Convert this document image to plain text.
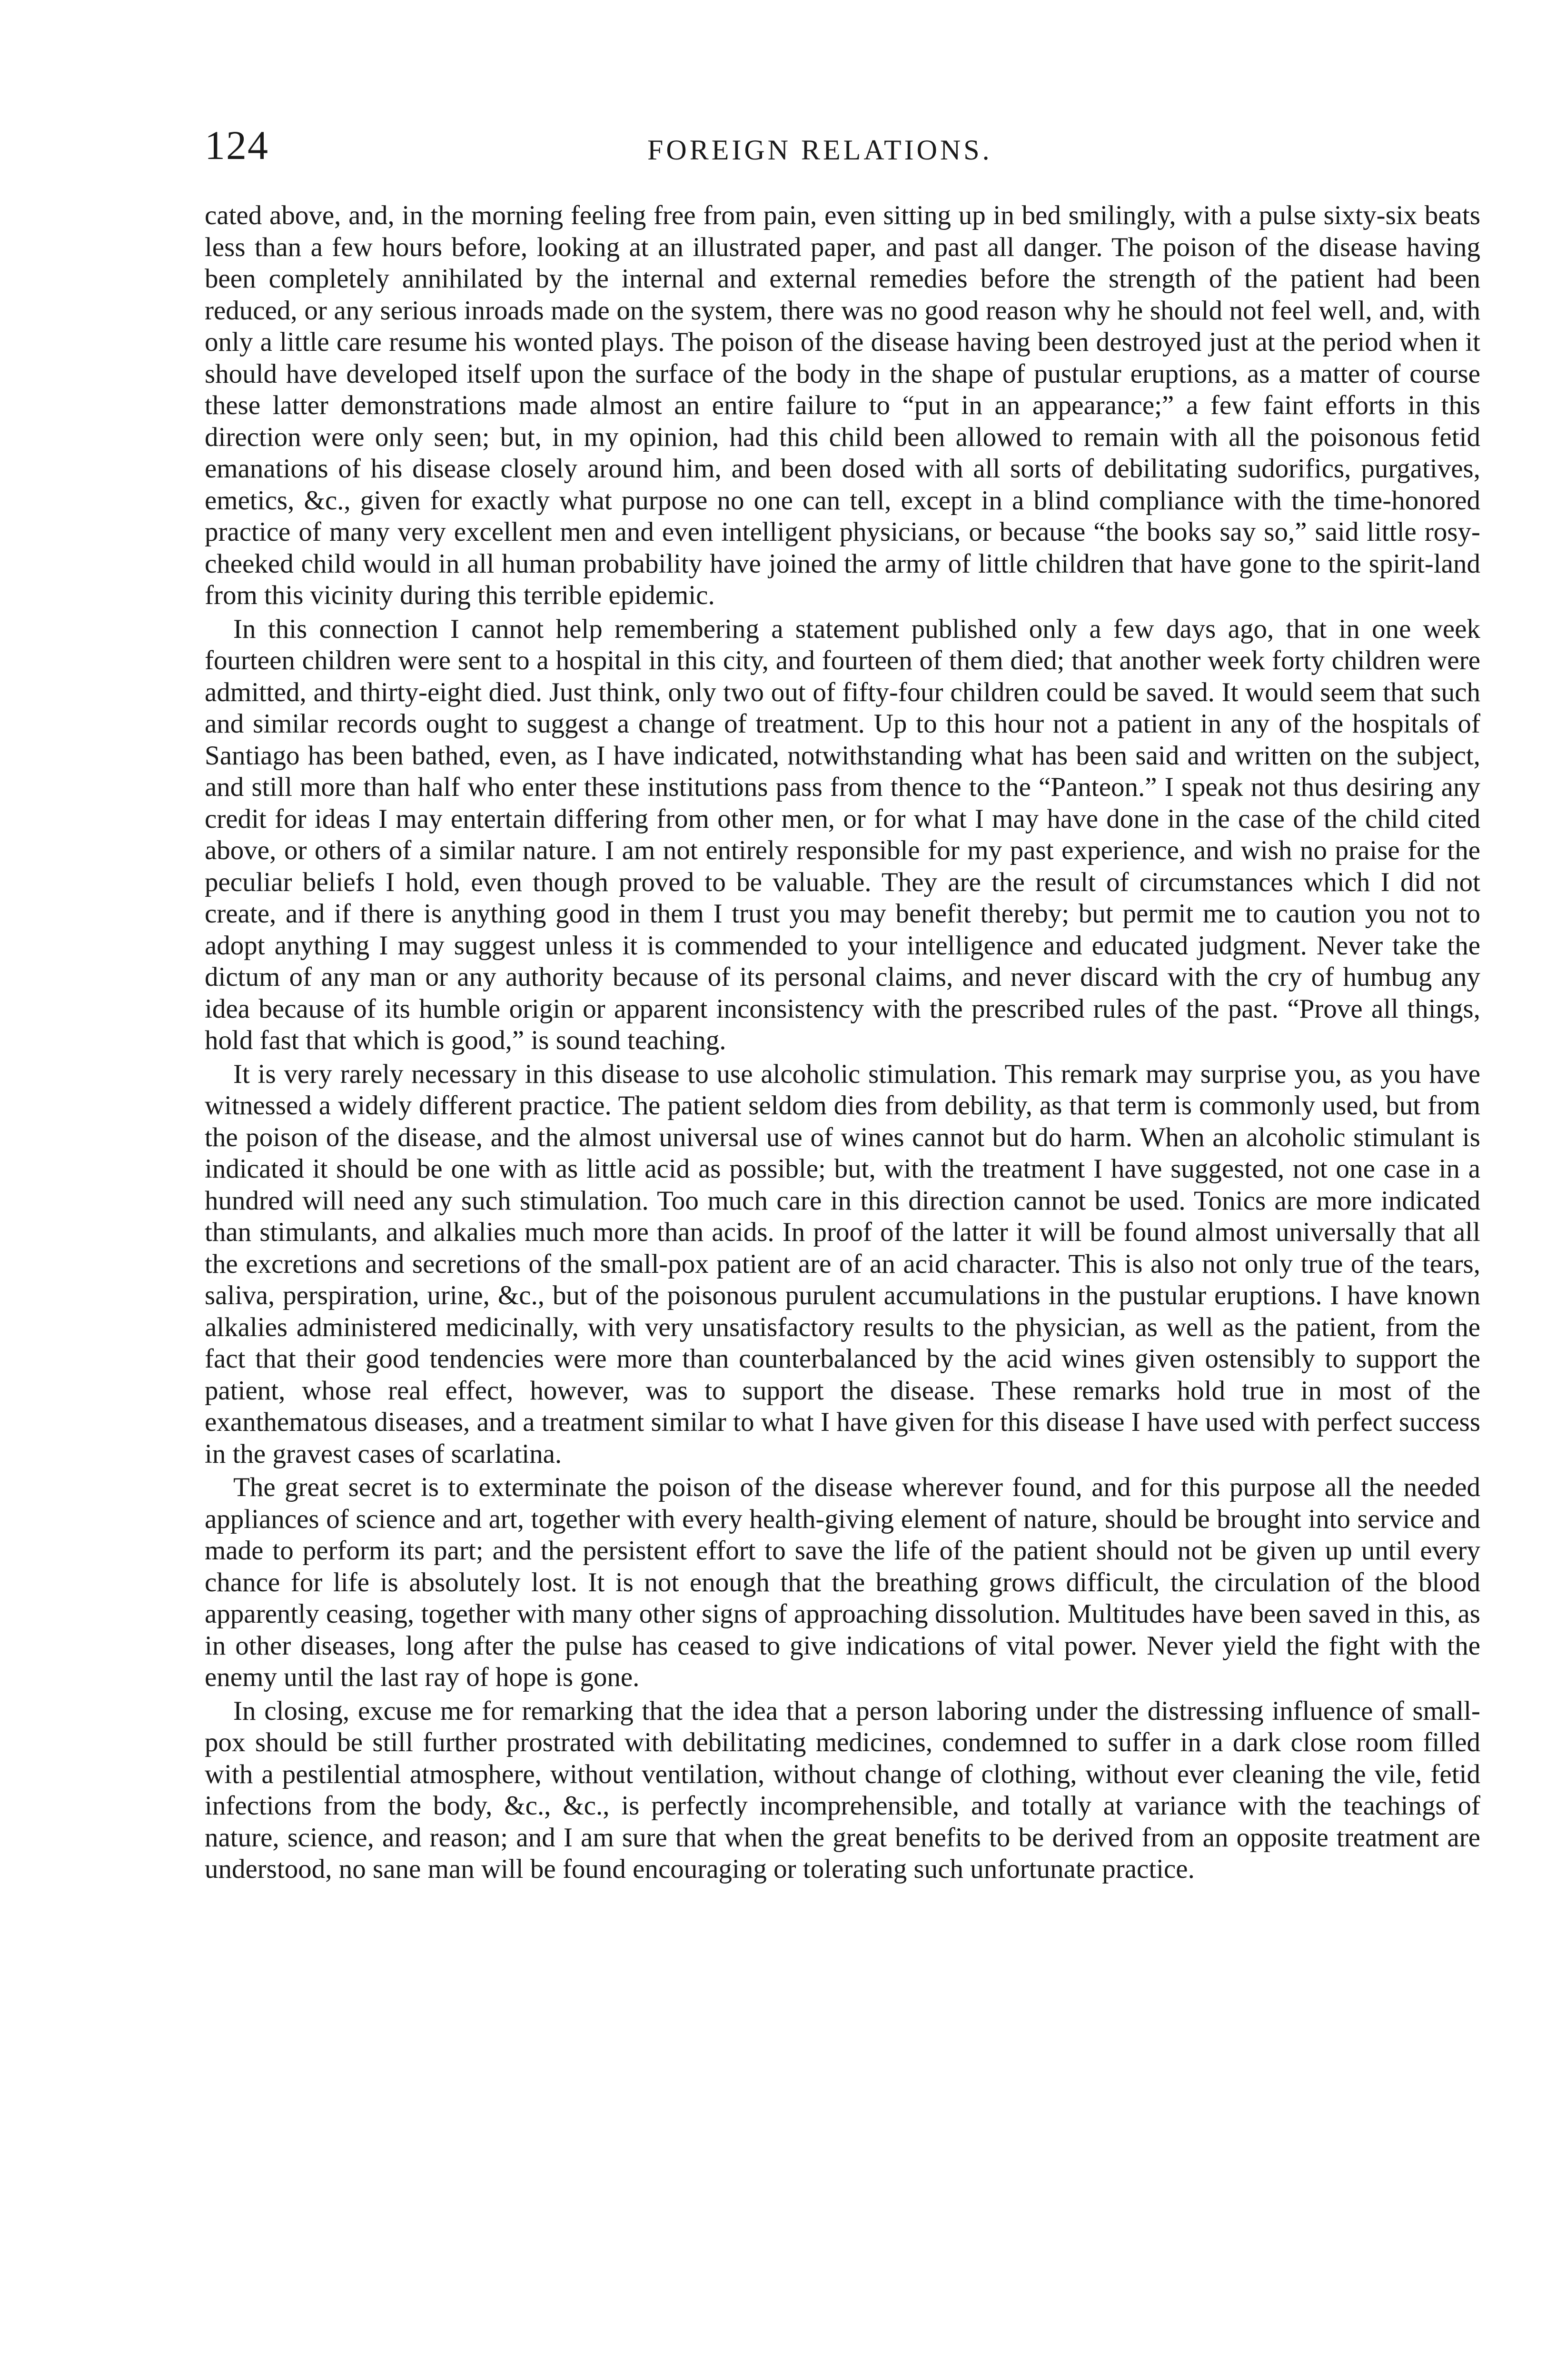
124	FOREIGN RELATIONS.

cated above, and, in the morning feeling free from pain, even sitting up in bed smilingly, with a pulse sixty-six beats less than a few hours before, looking at an illustrated paper, and past all danger. The poison of the disease having been completely annihilated by the internal and external remedies before the strength of the patient had been reduced, or any serious inroads made on the system, there was no good reason why he should not feel well, and, with only a little care resume his wonted plays. The poison of the disease having been destroyed just at the period when it should have developed itself upon the surface of the body in the shape of pustular eruptions, as a matter of course these latter demonstrations made almost an entire failure to “put in an appearance;” a few faint efforts in this direction were only seen; but, in my opinion, had this child been allowed to remain with all the poisonous fetid emanations of his disease closely around him, and been dosed with all sorts of debilitating sudorifics, purgatives, emetics, &c., given for exactly what purpose no one can tell, except in a blind compliance with the time-honored practice of many very excellent men and even intelligent physicians, or because “the books say so,” said little rosy-cheeked child would in all human probability have joined the army of little children that have gone to the spirit-land from this vicinity during this terrible epidemic.

In this connection I cannot help remembering a statement published only a few days ago, that in one week fourteen children were sent to a hospital in this city, and fourteen of them died; that another week forty children were admitted, and thirty-eight died. Just think, only two out of fifty-four children could be saved. It would seem that such and similar records ought to suggest a change of treatment. Up to this hour not a patient in any of the hospitals of Santiago has been bathed, even, as I have indicated, notwithstanding what has been said and written on the subject, and still more than half who enter these institutions pass from thence to the “Panteon.” I speak not thus desiring any credit for ideas I may entertain differing from other men, or for what I may have done in the case of the child cited above, or others of a similar nature. I am not entirely responsible for my past experience, and wish no praise for the peculiar beliefs I hold, even though proved to be valuable. They are the result of circumstances which I did not create, and if there is anything good in them I trust you may benefit thereby; but permit me to caution you not to adopt anything I may suggest unless it is commended to your intelligence and educated judgment. Never take the dictum of any man or any authority because of its personal claims, and never discard with the cry of humbug any idea because of its humble origin or apparent inconsistency with the prescribed rules of the past. “Prove all things, hold fast that which is good,” is sound teaching.

It is very rarely necessary in this disease to use alcoholic stimulation. This remark may surprise you, as you have witnessed a widely different practice. The patient seldom dies from debility, as that term is commonly used, but from the poison of the disease, and the almost universal use of wines cannot but do harm. When an alcoholic stimulant is indicated it should be one with as little acid as possible; but, with the treatment I have suggested, not one case in a hundred will need any such stimulation. Too much care in this direction cannot be used. Tonics are more indicated than stimulants, and alkalies much more than acids. In proof of the latter it will be found almost universally that all the excretions and secretions of the small-pox patient are of an acid character. This is also not only true of the tears, saliva, perspiration, urine, &c., but of the poisonous purulent accumulations in the pustular eruptions. I have known alkalies administered medicinally, with very unsatisfactory results to the physician, as well as the patient, from the fact that their good tendencies were more than counterbalanced by the acid wines given ostensibly to support the patient, whose real effect, however, was to support the disease. These remarks hold true in most of the exanthematous diseases, and a treatment similar to what I have given for this disease I have used with perfect success in the gravest cases of scarlatina.

The great secret is to exterminate the poison of the disease wherever found, and for this purpose all the needed appliances of science and art, together with every health-giving element of nature, should be brought into service and made to perform its part; and the persistent effort to save the life of the patient should not be given up until every chance for life is absolutely lost. It is not enough that the breathing grows difficult, the circulation of the blood apparently ceasing, together with many other signs of approaching dissolution. Multitudes have been saved in this, as in other diseases, long after the pulse has ceased to give indications of vital power. Never yield the fight with the enemy until the last ray of hope is gone.

In closing, excuse me for remarking that the idea that a person laboring under the distressing influence of small-pox should be still further prostrated with debilitating medicines, condemned to suffer in a dark close room filled with a pestilential atmosphere, without ventilation, without change of clothing, without ever cleaning the vile, fetid infections from the body, &c., &c., is perfectly incomprehensible, and totally at variance with the teachings of nature, science, and reason; and I am sure that when the great benefits to be derived from an opposite treatment are understood, no sane man will be found encouraging or tolerating such unfortunate practice.
